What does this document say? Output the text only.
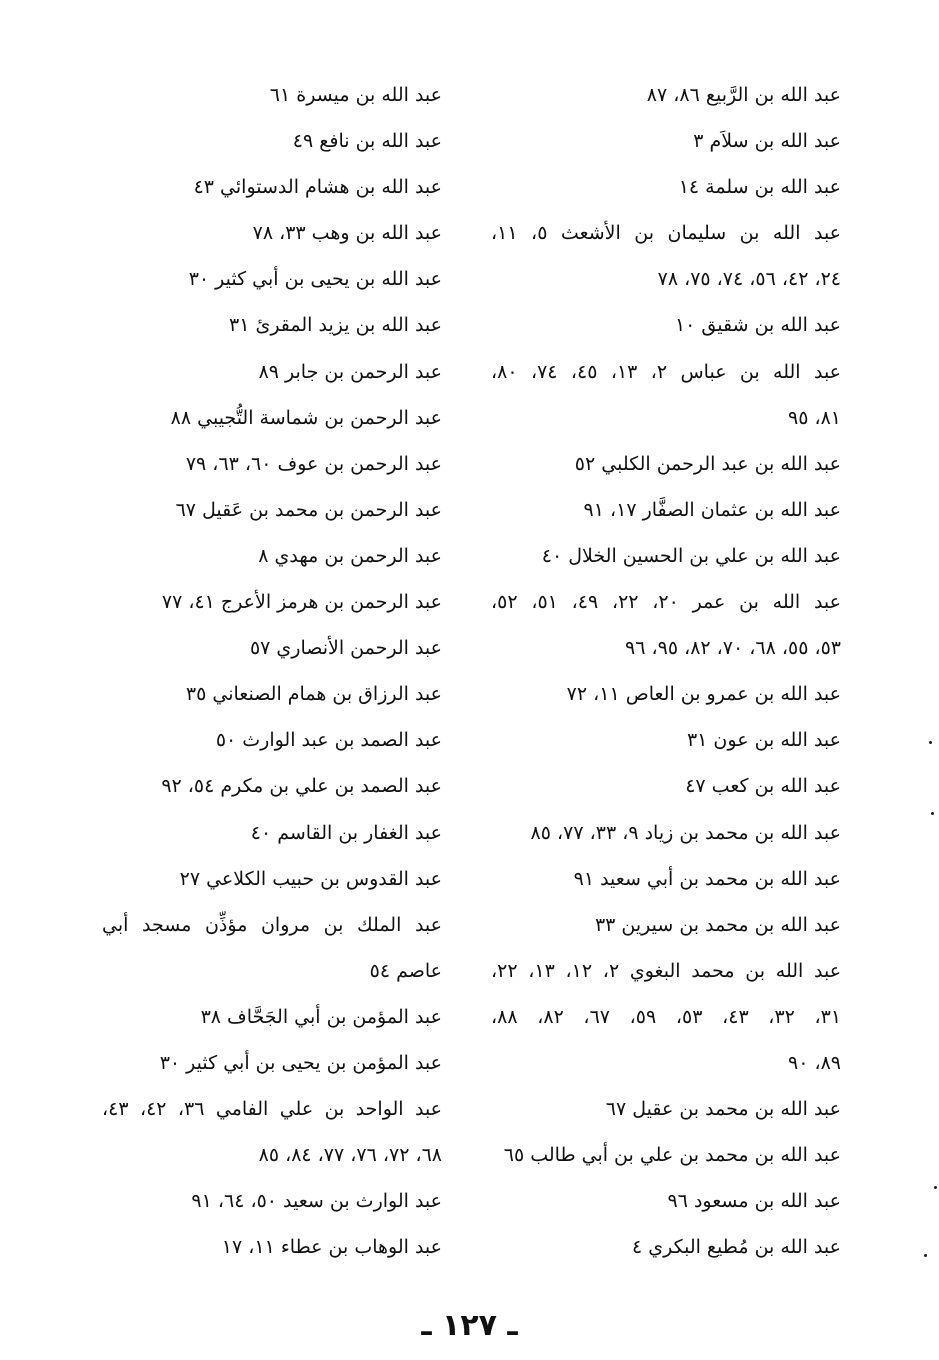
عبد الله بن الرَّبيع ٨٦، ٨٧
عبد الله بن سلاَم ٣
عبد الله بن سلمة ١٤
عبد الله بن سليمان بن الأشعث ٥، ١١،
٢٤، ٤٢، ٥٦، ٧٤، ٧٥، ٧٨
عبد الله بن شقيق ١٠
عبد الله بن عباس ٢، ١٣، ٤٥، ٧٤، ٨٠،
٨١، ٩٥
عبد الله بن عبد الرحمن الكلبي ٥٢
عبد الله بن عثمان الصفَّار ١٧، ٩١
عبد الله بن علي بن الحسين الخلال ٤٠
عبد الله بن عمر ٢٠، ٢٢، ٤٩، ٥١، ٥٢،
٥٣، ٥٥، ٦٨، ٧٠، ٨٢، ٩٥، ٩٦
عبد الله بن عمرو بن العاص ١١، ٧٢
عبد الله بن عون ٣١
عبد الله بن كعب ٤٧
عبد الله بن محمد بن زياد ٩، ٣٣، ٧٧، ٨٥
عبد الله بن محمد بن أبي سعيد ٩١
عبد الله بن محمد بن سيرين ٣٣
عبد الله بن محمد البغوي ٢، ١٢، ١٣، ٢٢،
٣١، ٣٢، ٤٣، ٥٣، ٥٩، ٦٧، ٨٢، ٨٨،
٨٩، ٩٠
عبد الله بن محمد بن عقيل ٦٧
عبد الله بن محمد بن علي بن أبي طالب ٦٥
عبد الله بن مسعود ٩٦
عبد الله بن مُطيع البكري ٤
عبد الله بن ميسرة ٦١
عبد الله بن نافع ٤٩
عبد الله بن هشام الدستوائي ٤٣
عبد الله بن وهب ٣٣، ٧٨
عبد الله بن يحيى بن أبي كثير ٣٠
عبد الله بن يزيد المقرئ ٣١
عبد الرحمن بن جابر ٨٩
عبد الرحمن بن شماسة التُّجيبي ٨٨
عبد الرحمن بن عوف ٦٠، ٦٣، ٧٩
عبد الرحمن بن محمد بن عَقيل ٦٧
عبد الرحمن بن مهدي ٨
عبد الرحمن بن هرمز الأعرج ٤١، ٧٧
عبد الرحمن الأنصاري ٥٧
عبد الرزاق بن همام الصنعاني ٣٥
عبد الصمد بن عبد الوارث ٥٠
عبد الصمد بن علي بن مكرم ٥٤، ٩٢
عبد الغفار بن القاسم ٤٠
عبد القدوس بن حبيب الكلاعي ٢٧
عبد الملك بن مروان مؤذِّن مسجد أبي
عاصم ٥٤
عبد المؤمن بن أبي الجَحَّاف ٣٨
عبد المؤمن بن يحيى بن أبي كثير ٣٠
عبد الواحد بن علي الفامي ٣٦، ٤٢، ٤٣،
٦٨، ٧٢، ٧٦، ٧٧، ٨٤، ٨٥
عبد الوارث بن سعيد ٥٠، ٦٤، ٩١
عبد الوهاب بن عطاء ١١، ١٧
ـ ١٢٧ ـ
